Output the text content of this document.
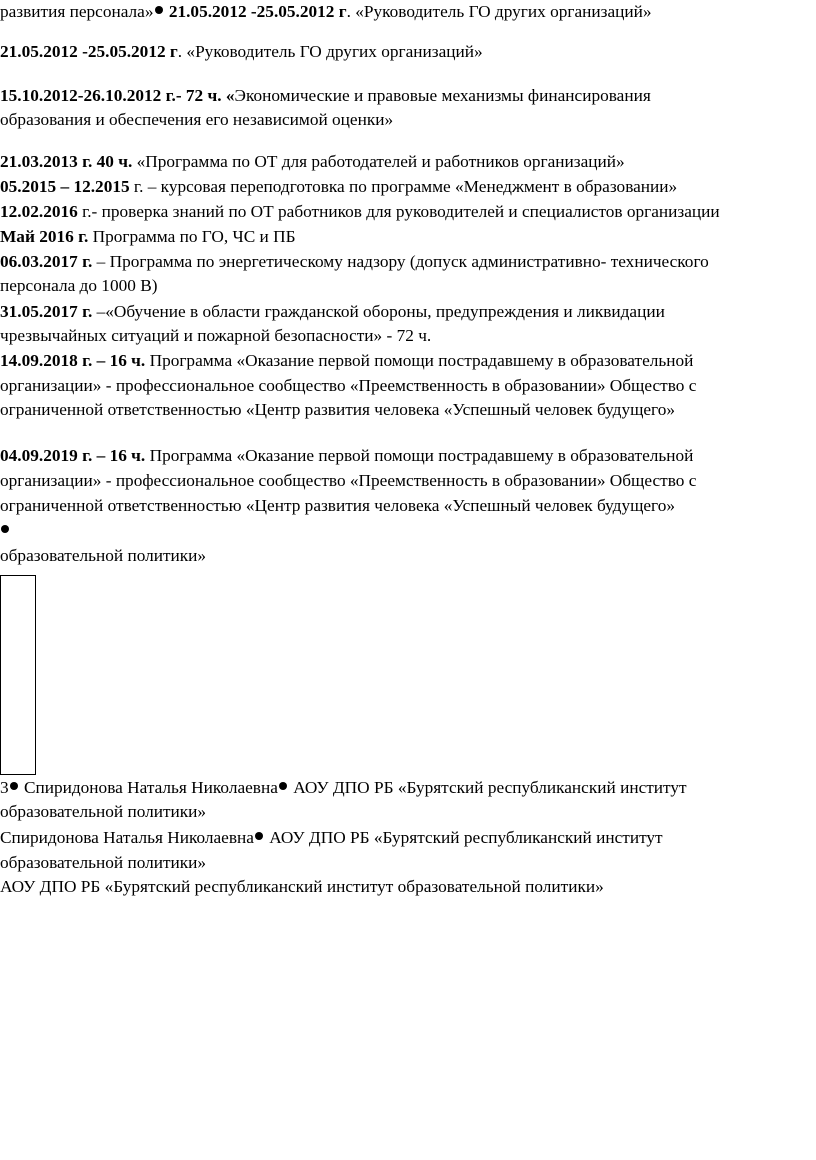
развития персонала» 21.05.2012 -25.05.2012 г. «Руководитель ГО других организаций»
21.05.2012 -25.05.2012 г. «Руководитель ГО других организаций»
15.10.2012-26.10.2012 г.- 72 ч. «Экономические и правовые механизмы финансирования
образования и обеспечения его независимой оценки»
21.03.2013 г. 40 ч. «Программа по ОТ для работодателей и работников организаций»
05.2015 – 12.2015 г. – курсовая переподготовка по программе «Менеджмент в образовании»
12.02.2016 г.- проверка знаний по ОТ работников для руководителей и специалистов организации
Май 2016 г. Программа по ГО, ЧС и ПБ
06.03.2017 г. – Программа по энергетическому надзору (допуск административно- технического
персонала до 1000 В)
31.05.2017 г. –«Обучение в области гражданской обороны, предупреждения и ликвидации
чрезвычайных ситуаций и пожарной безопасности» - 72 ч.
14.09.2018 г. – 16 ч. Программа «Оказание первой помощи пострадавшему в образовательной
организации» - профессиональное сообщество «Преемственность в образовании» Общество с
ограниченной ответственностью «Центр развития человека «Успешный человек будущего»
04.09.2019 г. – 16 ч. Программа «Оказание первой помощи пострадавшему в образовательной
организации» - профессиональное сообщество «Преемственность в образовании» Общество с
ограниченной ответственностью «Центр развития человека «Успешный человек будущего»
образовательной политики»
3 Спиридонова Наталья Николаевна АОУ ДПО РБ «Бурятский республиканский институт
образовательной политики»
Спиридонова Наталья Николаевна АОУ ДПО РБ «Бурятский республиканский институт
образовательной политики»
АОУ ДПО РБ «Бурятский республиканский институт образовательной политики»
